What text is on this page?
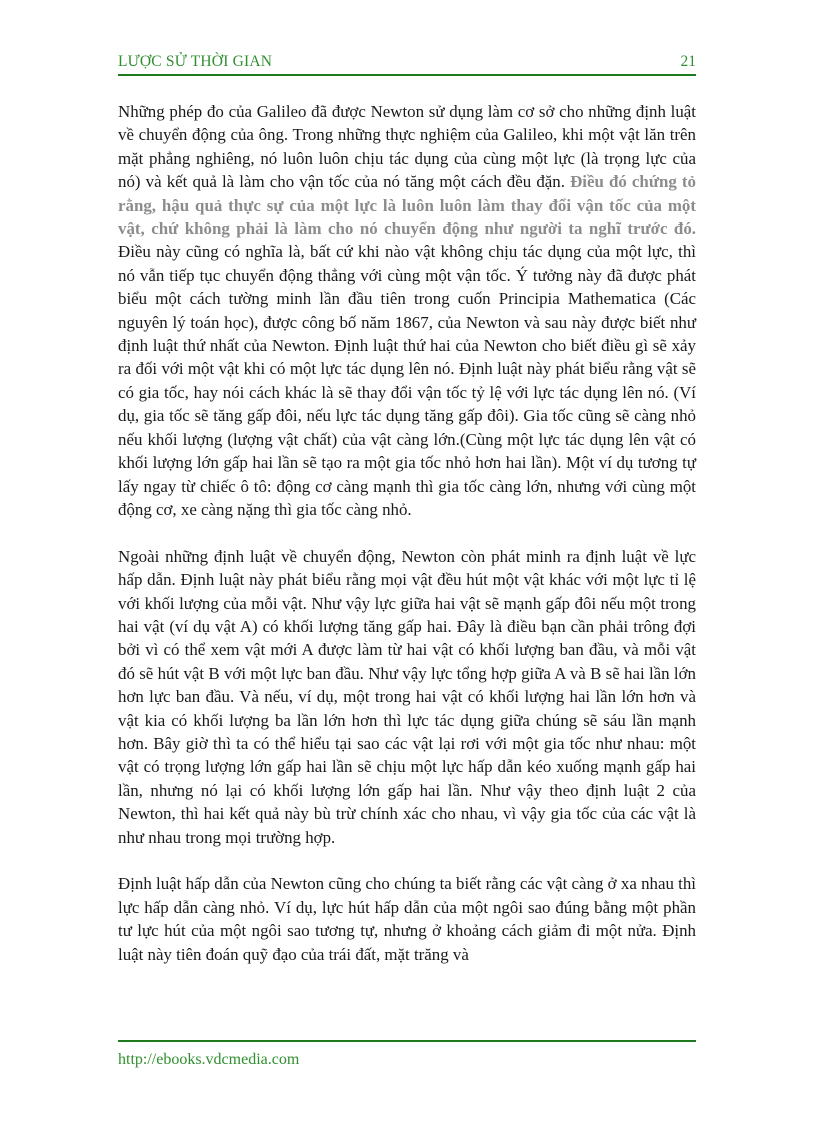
LƯỢC SỬ THỜI GIAN	21

Những phép đo của Galileo đã được Newton sử dụng làm cơ sở cho những định luật về chuyển động của ông. Trong những thực nghiệm của Galileo, khi một vật lăn trên mặt phẳng nghiêng, nó luôn luôn chịu tác dụng của cùng một lực (là trọng lực của nó) và kết quả là làm cho vận tốc của nó tăng một cách đều đặn. Điều đó chứng tỏ rằng, hậu quả thực sự của một lực là luôn luôn làm thay đổi vận tốc của một vật, chứ không phải là làm cho nó chuyển động như người ta nghĩ trước đó. Điều này cũng có nghĩa là, bất cứ khi nào vật không chịu tác dụng của một lực, thì nó vẫn tiếp tục chuyển động thẳng với cùng một vận tốc. Ý tưởng này đã được phát biểu một cách tường minh lần đầu tiên trong cuốn Principia Mathematica (Các nguyên lý toán học), được công bố năm 1867, của Newton và sau này được biết như định luật thứ nhất của Newton. Định luật thứ hai của Newton cho biết điều gì sẽ xảy ra đối với một vật khi có một lực tác dụng lên nó. Định luật này phát biểu rằng vật sẽ có gia tốc, hay nói cách khác là sẽ thay đổi vận tốc tỷ lệ với lực tác dụng lên nó. (Ví dụ, gia tốc sẽ tăng gấp đôi, nếu lực tác dụng tăng gấp đôi). Gia tốc cũng sẽ càng nhỏ nếu khối lượng (lượng vật chất) của vật càng lớn.(Cùng một lực tác dụng lên vật có khối lượng lớn gấp hai lần sẽ tạo ra một gia tốc nhỏ hơn hai lần). Một ví dụ tương tự lấy ngay từ chiếc ô tô: động cơ càng mạnh thì gia tốc càng lớn, nhưng với cùng một động cơ, xe càng nặng thì gia tốc càng nhỏ.

Ngoài những định luật về chuyển động, Newton còn phát minh ra định luật về lực hấp dẫn. Định luật này phát biểu rằng mọi vật đều hút một vật khác với một lực tỉ lệ với khối lượng của mỗi vật. Như vậy lực giữa hai vật sẽ mạnh gấp đôi nếu một trong hai vật (ví dụ vật A) có khối lượng tăng gấp hai. Đây là điều bạn cần phải trông đợi bởi vì có thể xem vật mới A được làm từ hai vật có khối lượng ban đầu, và mỗi vật đó sẽ hút vật B với một lực ban đầu. Như vậy lực tổng hợp giữa A và B sẽ hai lần lớn hơn lực ban đầu. Và nếu, ví dụ, một trong hai vật có khối lượng hai lần lớn hơn và vật kia có khối lượng ba lần lớn hơn thì lực tác dụng giữa chúng sẽ sáu lần mạnh hơn. Bây giờ thì ta có thể hiểu tại sao các vật lại rơi với một gia tốc như nhau: một vật có trọng lượng lớn gấp hai lần sẽ chịu một lực hấp dẫn kéo xuống mạnh gấp hai lần, nhưng nó lại có khối lượng lớn gấp hai lần. Như vậy theo định luật 2 của Newton, thì hai kết quả này bù trừ chính xác cho nhau, vì vậy gia tốc của các vật là như nhau trong mọi trường hợp.

Định luật hấp dẫn của Newton cũng cho chúng ta biết rằng các vật càng ở xa nhau thì lực hấp dẫn càng nhỏ. Ví dụ, lực hút hấp dẫn của một ngôi sao đúng bằng một phần tư lực hút của một ngôi sao tương tự, nhưng ở khoảng cách giảm đi một nửa. Định luật này tiên đoán quỹ đạo của trái đất, mặt trăng và

http://ebooks.vdcmedia.com
